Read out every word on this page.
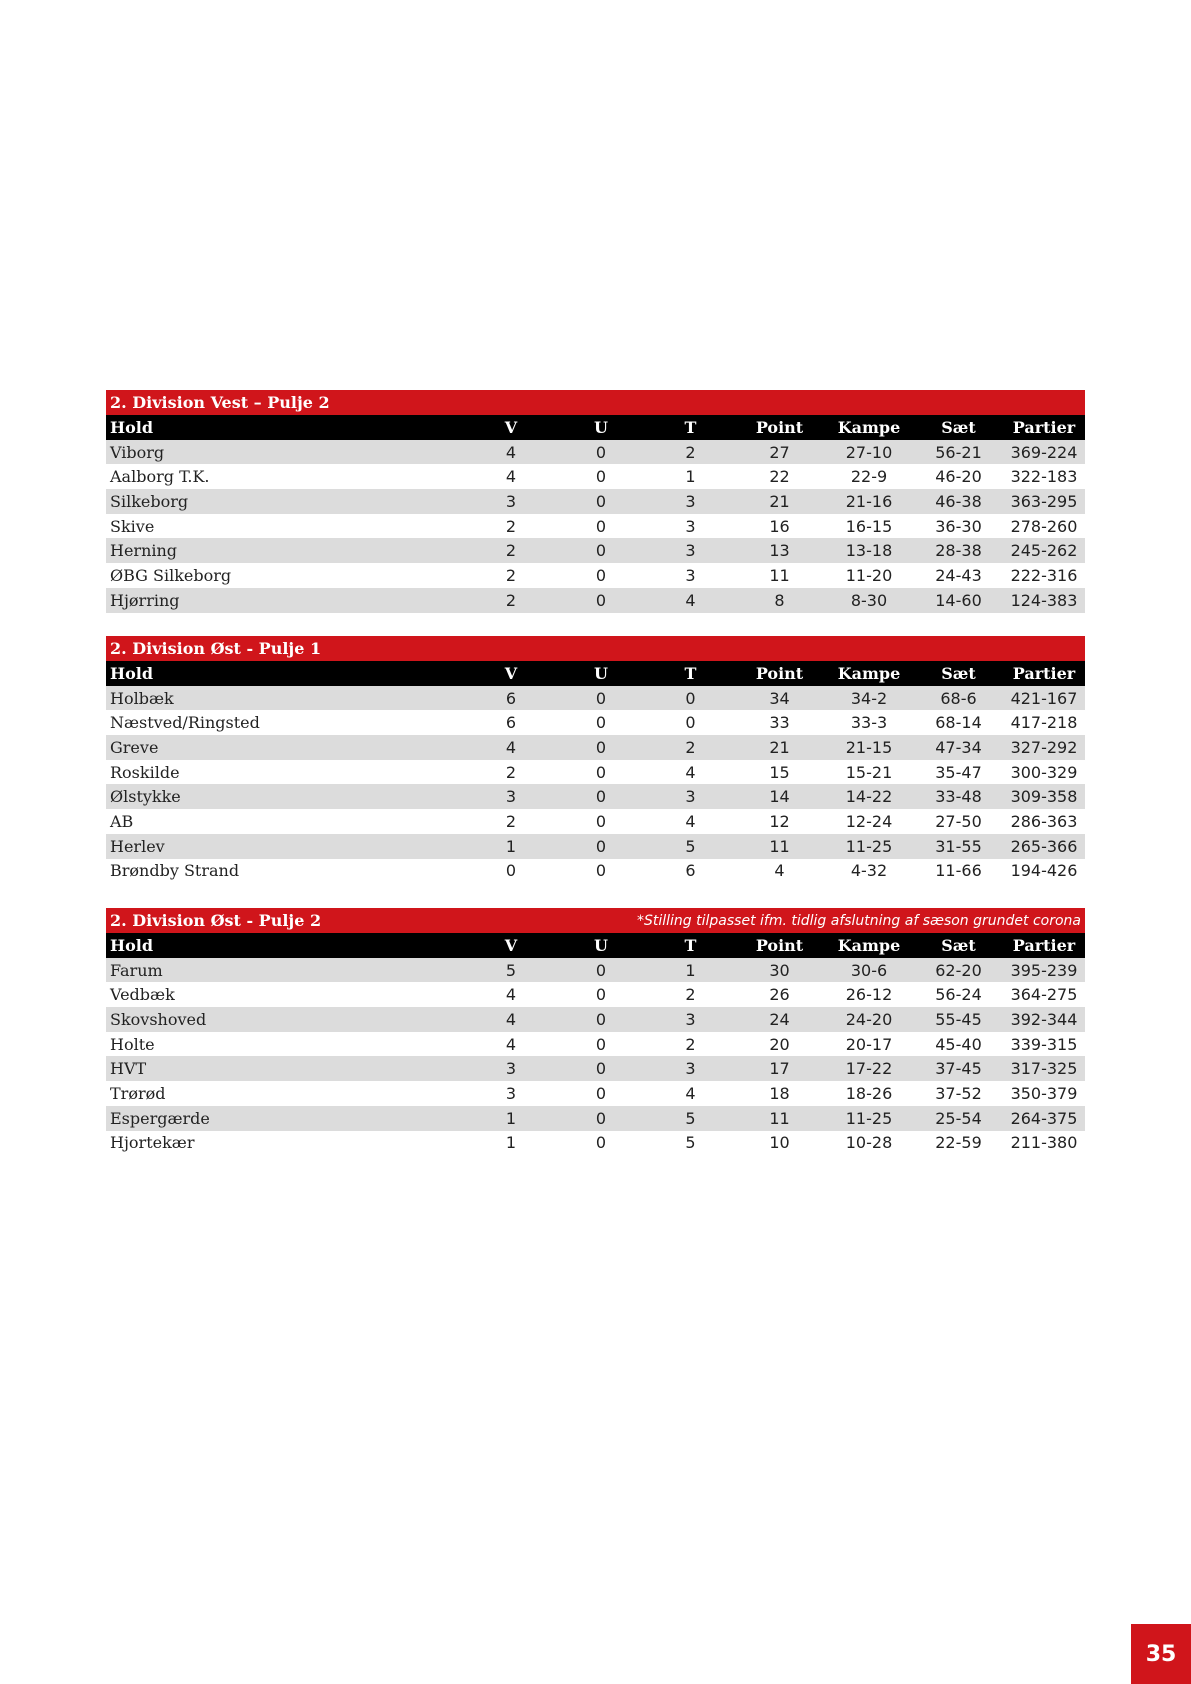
2. Division Vest – Pulje 2
Hold	V	U	T	Point	Kampe	Sæt	Partier
Viborg	4	0	2	27	27-10	56-21	369-224
Aalborg T.K.	4	0	1	22	22-9	46-20	322-183
Silkeborg	3	0	3	21	21-16	46-38	363-295
Skive	2	0	3	16	16-15	36-30	278-260
Herning	2	0	3	13	13-18	28-38	245-262
ØBG Silkeborg	2	0	3	11	11-20	24-43	222-316
Hjørring	2	0	4	8	8-30	14-60	124-383
2. Division Øst - Pulje 1
Hold	V	U	T	Point	Kampe	Sæt	Partier
Holbæk	6	0	0	34	34-2	68-6	421-167
Næstved/Ringsted	6	0	0	33	33-3	68-14	417-218
Greve	4	0	2	21	21-15	47-34	327-292
Roskilde	2	0	4	15	15-21	35-47	300-329
Ølstykke	3	0	3	14	14-22	33-48	309-358
AB	2	0	4	12	12-24	27-50	286-363
Herlev	1	0	5	11	11-25	31-55	265-366
Brøndby Strand	0	0	6	4	4-32	11-66	194-426
2. Division Øst - Pulje 2	*Stilling tilpasset ifm. tidlig afslutning af sæson grundet corona
Hold	V	U	T	Point	Kampe	Sæt	Partier
Farum	5	0	1	30	30-6	62-20	395-239
Vedbæk	4	0	2	26	26-12	56-24	364-275
Skovshoved	4	0	3	24	24-20	55-45	392-344
Holte	4	0	2	20	20-17	45-40	339-315
HVT	3	0	3	17	17-22	37-45	317-325
Trørød	3	0	4	18	18-26	37-52	350-379
Espergærde	1	0	5	11	11-25	25-54	264-375
Hjortekær	1	0	5	10	10-28	22-59	211-380
35
